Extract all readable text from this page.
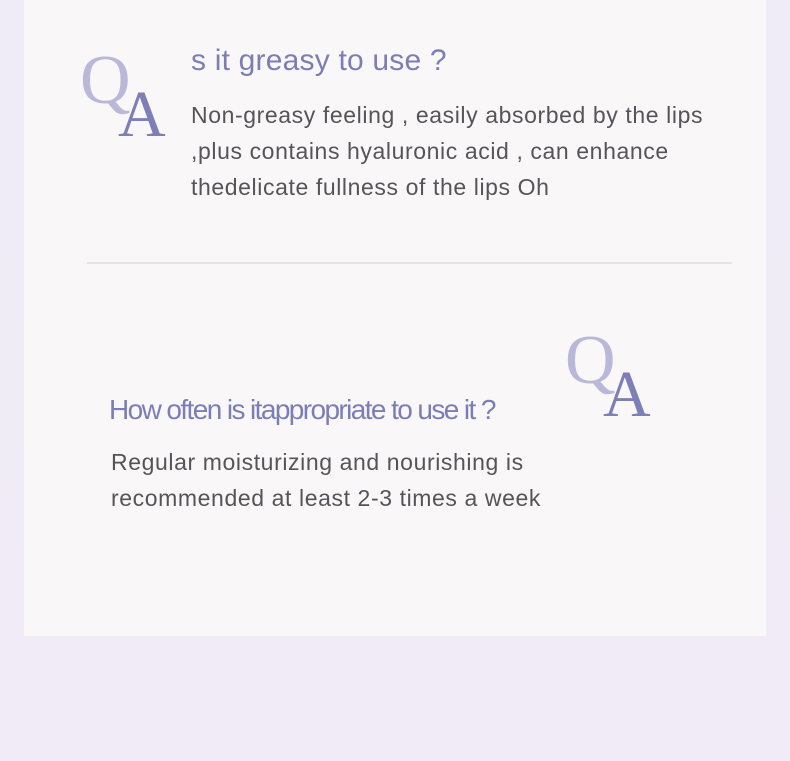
Q
A
s it greasy to use ?
Non-greasy feeling , easily absorbed by the lips
,plus contains hyaluronic acid , can enhance
thedelicate fullness of the lips Oh
Q
A
How often is itappropriate to use it ?
Regular moisturizing and nourishing is
recommended at least 2-3 times a week
